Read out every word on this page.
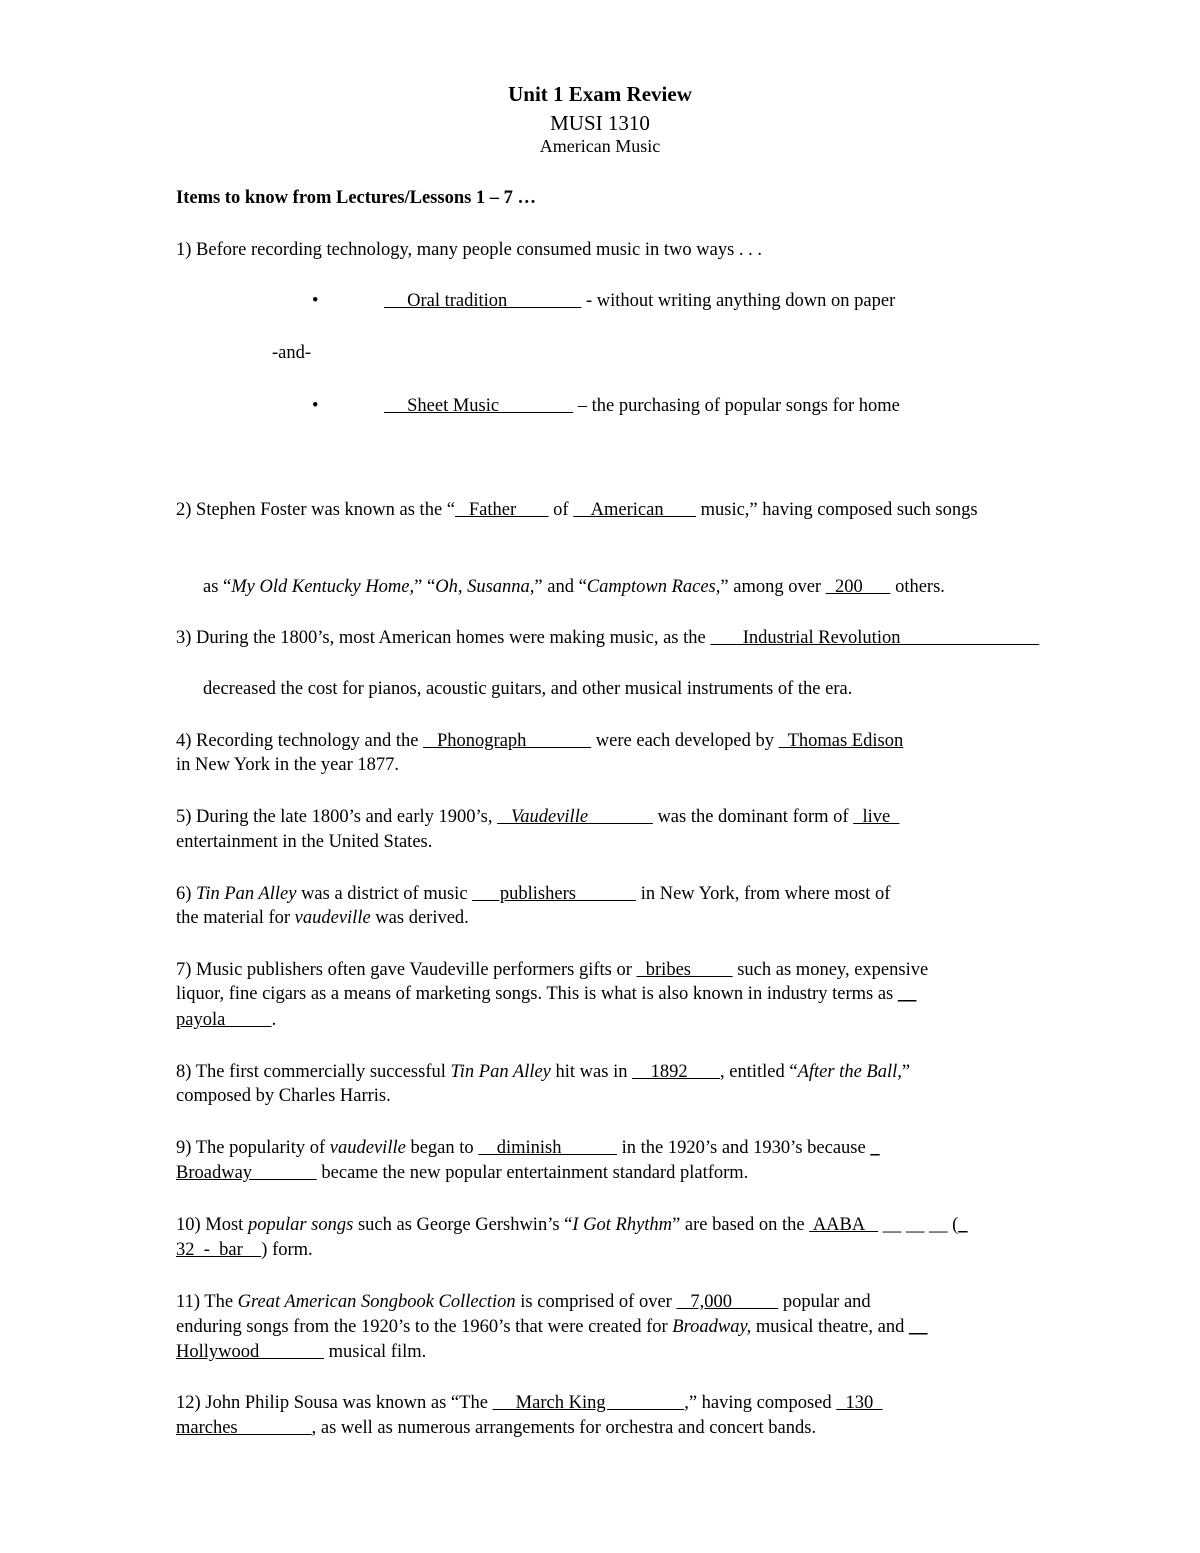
Unit 1 Exam Review
MUSI 1310
American Music
Items to know from Lectures/Lessons 1 – 7 …
1) Before recording technology, many people consumed music in two ways . . .
•	Oral tradition                 - without writing anything down on paper
-and-
•	Sheet Music                 – the purchasing of popular songs for home
2) Stephen Foster was known as the “   Father        of     American        music,” having composed such songs
as “My Old Kentucky Home,” “Oh, Susanna,” and “Camptown Races,” among over   200       others.
3) During the 1800’s, most American homes were making music, as the        Industrial Revolution
decreased the cost for pianos, acoustic guitars, and other musical instruments of the era.
4) Recording technology and the    Phonograph               were each developed by   Thomas Edison
in New York in the year 1877.
5) During the late 1800’s and early 1900’s,    Vaudeville               was the dominant form of   live
entertainment in the United States.
6) Tin Pan Alley was a district of music       publishers              in New York, from where most of
the material for vaudeville was derived.
7) Music publishers often gave Vaudeville performers gifts or   bribes          such as money, expensive
liquor, fine cigars as a means of marketing songs. This is what is also known in industry terms as __
payola          .
8) The first commercially successful Tin Pan Alley hit was in     1892       , entitled “After the Ball,”
composed by Charles Harris.
9) The popularity of vaudeville began to     diminish             in the 1920’s and 1930’s because _
Broadway               became the new popular entertainment standard platform.
10) Most popular songs such as George Gershwin’s “I Got Rhythm” are based on the  AABA    __ __ __ (_
32  -  bar    ) form.
11) The Great American Songbook Collection is comprised of over    7,000           popular and
enduring songs from the 1920’s to the 1960’s that were created for Broadway, musical theatre, and __
Hollywood               musical film.
12) John Philip Sousa was known as “The      March King                 ,” having composed   130
marches                , as well as numerous arrangements for orchestra and concert bands.
